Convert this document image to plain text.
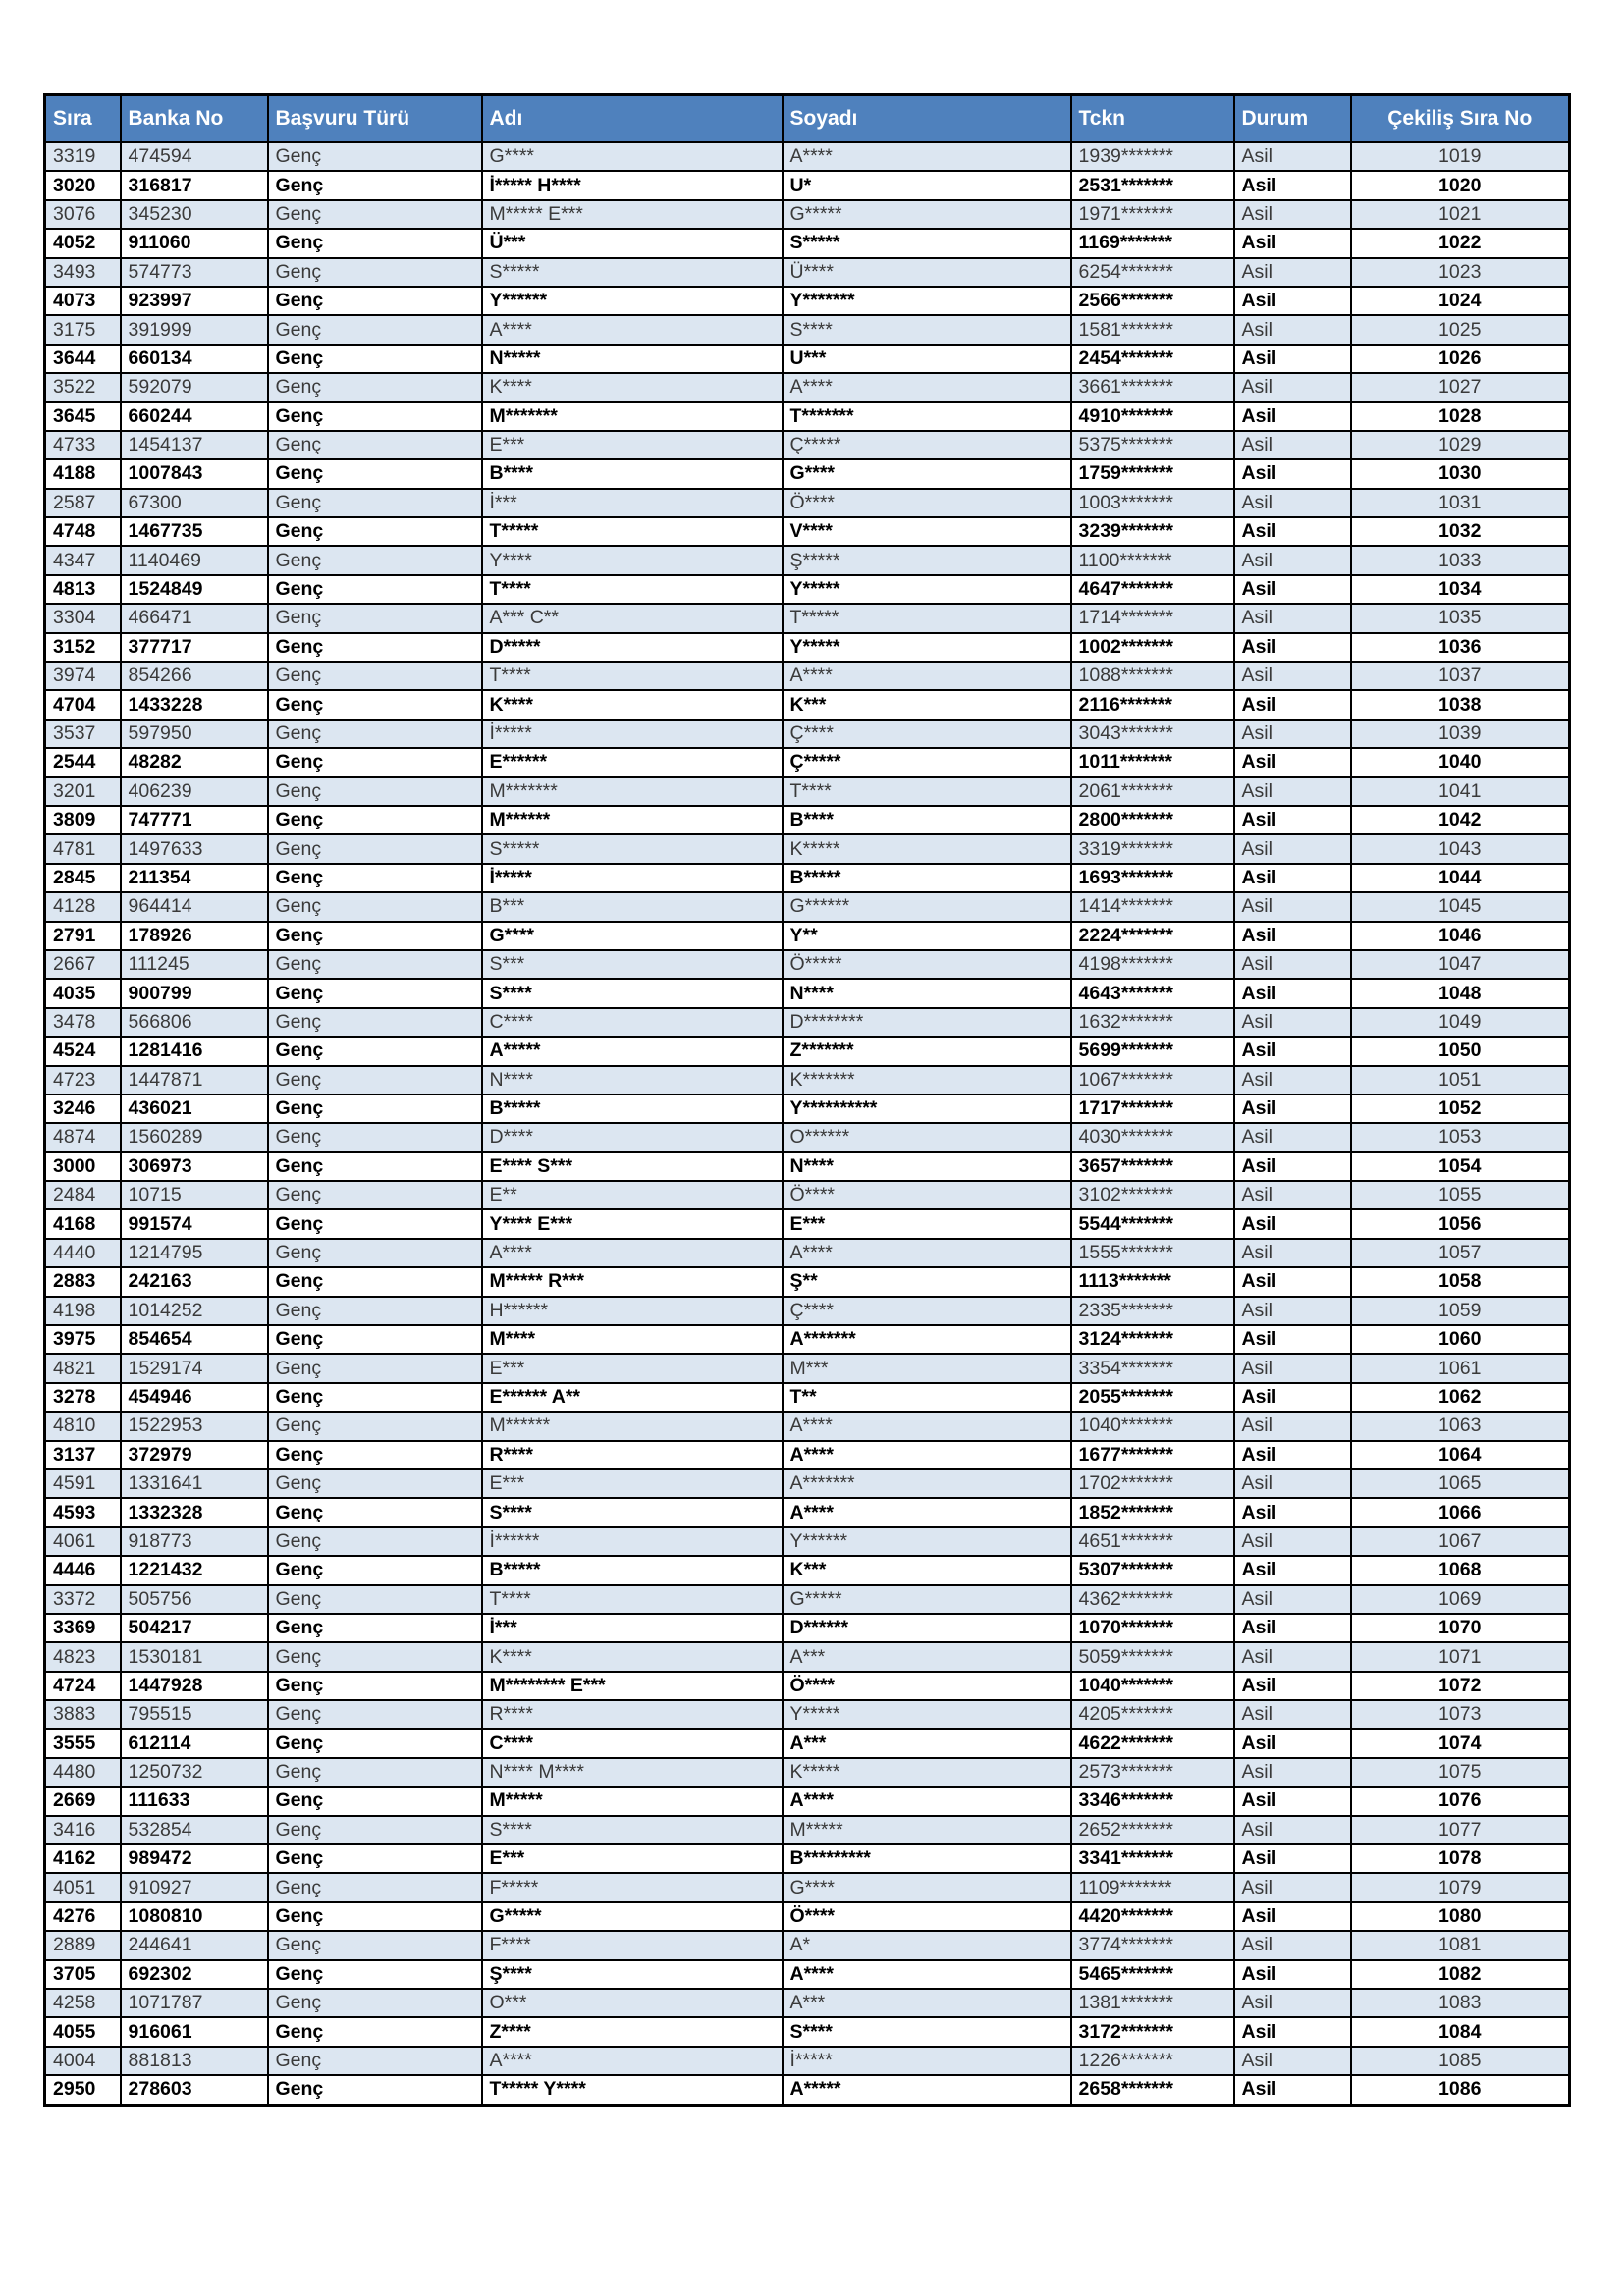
Sıra	Banka No	Başvuru Türü	Adı	Soyadı	Tckn	Durum	Çekiliş Sıra No
3319	474594	Genç	G****	A****	1939*******	Asil	1019
3020	316817	Genç	İ***** H****	U*	2531*******	Asil	1020
3076	345230	Genç	M***** E***	G*****	1971*******	Asil	1021
4052	911060	Genç	Ü***	S*****	1169*******	Asil	1022
3493	574773	Genç	S*****	Ü****	6254*******	Asil	1023
4073	923997	Genç	Y******	Y*******	2566*******	Asil	1024
3175	391999	Genç	A****	S****	1581*******	Asil	1025
3644	660134	Genç	N*****	U***	2454*******	Asil	1026
3522	592079	Genç	K****	A****	3661*******	Asil	1027
3645	660244	Genç	M*******	T*******	4910*******	Asil	1028
4733	1454137	Genç	E***	Ç*****	5375*******	Asil	1029
4188	1007843	Genç	B****	G****	1759*******	Asil	1030
2587	67300	Genç	İ***	Ö****	1003*******	Asil	1031
4748	1467735	Genç	T*****	V****	3239*******	Asil	1032
4347	1140469	Genç	Y****	Ş*****	1100*******	Asil	1033
4813	1524849	Genç	T****	Y*****	4647*******	Asil	1034
3304	466471	Genç	A*** C**	T*****	1714*******	Asil	1035
3152	377717	Genç	D*****	Y*****	1002*******	Asil	1036
3974	854266	Genç	T****	A****	1088*******	Asil	1037
4704	1433228	Genç	K****	K***	2116*******	Asil	1038
3537	597950	Genç	İ*****	Ç****	3043*******	Asil	1039
2544	48282	Genç	E******	Ç*****	1011*******	Asil	1040
3201	406239	Genç	M*******	T****	2061*******	Asil	1041
3809	747771	Genç	M******	B****	2800*******	Asil	1042
4781	1497633	Genç	S*****	K*****	3319*******	Asil	1043
2845	211354	Genç	İ*****	B*****	1693*******	Asil	1044
4128	964414	Genç	B***	G******	1414*******	Asil	1045
2791	178926	Genç	G****	Y**	2224*******	Asil	1046
2667	111245	Genç	S***	Ö*****	4198*******	Asil	1047
4035	900799	Genç	S****	N****	4643*******	Asil	1048
3478	566806	Genç	C****	D********	1632*******	Asil	1049
4524	1281416	Genç	A*****	Z*******	5699*******	Asil	1050
4723	1447871	Genç	N****	K*******	1067*******	Asil	1051
3246	436021	Genç	B*****	Y**********	1717*******	Asil	1052
4874	1560289	Genç	D****	O******	4030*******	Asil	1053
3000	306973	Genç	E**** S***	N****	3657*******	Asil	1054
2484	10715	Genç	E**	Ö****	3102*******	Asil	1055
4168	991574	Genç	Y**** E***	E***	5544*******	Asil	1056
4440	1214795	Genç	A****	A****	1555*******	Asil	1057
2883	242163	Genç	M***** R***	Ş**	1113*******	Asil	1058
4198	1014252	Genç	H******	Ç****	2335*******	Asil	1059
3975	854654	Genç	M****	A*******	3124*******	Asil	1060
4821	1529174	Genç	E***	M***	3354*******	Asil	1061
3278	454946	Genç	E****** A**	T**	2055*******	Asil	1062
4810	1522953	Genç	M******	A****	1040*******	Asil	1063
3137	372979	Genç	R****	A****	1677*******	Asil	1064
4591	1331641	Genç	E***	A*******	1702*******	Asil	1065
4593	1332328	Genç	S****	A****	1852*******	Asil	1066
4061	918773	Genç	İ******	Y******	4651*******	Asil	1067
4446	1221432	Genç	B*****	K***	5307*******	Asil	1068
3372	505756	Genç	T****	G*****	4362*******	Asil	1069
3369	504217	Genç	İ***	D******	1070*******	Asil	1070
4823	1530181	Genç	K****	A***	5059*******	Asil	1071
4724	1447928	Genç	M******** E***	Ö****	1040*******	Asil	1072
3883	795515	Genç	R****	Y*****	4205*******	Asil	1073
3555	612114	Genç	C****	A***	4622*******	Asil	1074
4480	1250732	Genç	N**** M****	K*****	2573*******	Asil	1075
2669	111633	Genç	M*****	A****	3346*******	Asil	1076
3416	532854	Genç	S****	M*****	2652*******	Asil	1077
4162	989472	Genç	E***	B*********	3341*******	Asil	1078
4051	910927	Genç	F*****	G****	1109*******	Asil	1079
4276	1080810	Genç	G*****	Ö****	4420*******	Asil	1080
2889	244641	Genç	F****	A*	3774*******	Asil	1081
3705	692302	Genç	Ş****	A****	5465*******	Asil	1082
4258	1071787	Genç	O***	A***	1381*******	Asil	1083
4055	916061	Genç	Z****	S****	3172*******	Asil	1084
4004	881813	Genç	A****	İ*****	1226*******	Asil	1085
2950	278603	Genç	T***** Y****	A*****	2658*******	Asil	1086
